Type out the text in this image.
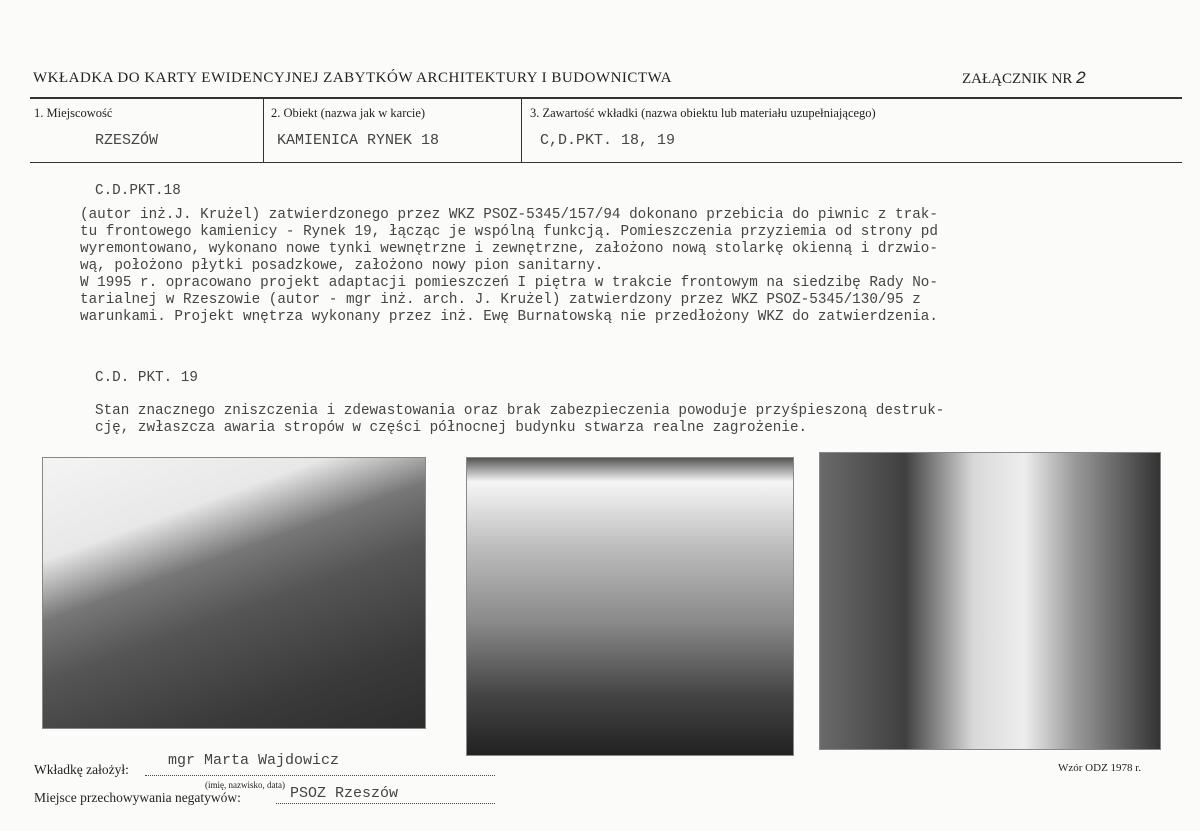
WKŁADKA DO KARTY EWIDENCYJNEJ ZABYTKÓW ARCHITEKTURY I BUDOWNICTWA	ZAŁĄCZNIK NR 2
1. Miejscowość
RZESZÓW
2. Obiekt (nazwa jak w karcie)
KAMIENICA RYNEK 18
3. Zawartość wkładki (nazwa obiektu lub materiału uzupełniającego)
C,D.PKT. 18, 19
C.D.PKT.18
(autor inż.J. Krużel) zatwierdzonego przez WKZ PSOZ-5345/157/94 dokonano przebicia do piwnic z trak-
tu frontowego kamienicy - Rynek 19, łącząc je wspólną funkcją. Pomieszczenia przyziemia od strony pd
wyremontowano, wykonano nowe tynki wewnętrzne i zewnętrzne, założono nową stolarkę okienną i drzwio-
wą, położono płytki posadzkowe, założono nowy pion sanitarny.
W 1995 r. opracowano projekt adaptacji pomieszczeń I piętra w trakcie frontowym na siedzibę Rady No-
tarialnej w Rzeszowie (autor - mgr inż. arch. J. Krużel) zatwierdzony przez WKZ PSOZ-5345/130/95 z
warunkami. Projekt wnętrza wykonany przez inż. Ewę Burnatowską nie przedłożony WKZ do zatwierdzenia.
C.D. PKT. 19
Stan znacznego zniszczenia i zdewastowania oraz brak zabezpieczenia powoduje przyśpieszoną destruk-
cję, zwłaszcza awaria stropów w części północnej budynku stwarza realne zagrożenie.
Wkładkę założył:
mgr Marta Wajdowicz
(imię, nazwisko, data)
Miejsce przechowywania negatywów:	PSOZ Rzeszów
Wzór ODZ 1978 r.
